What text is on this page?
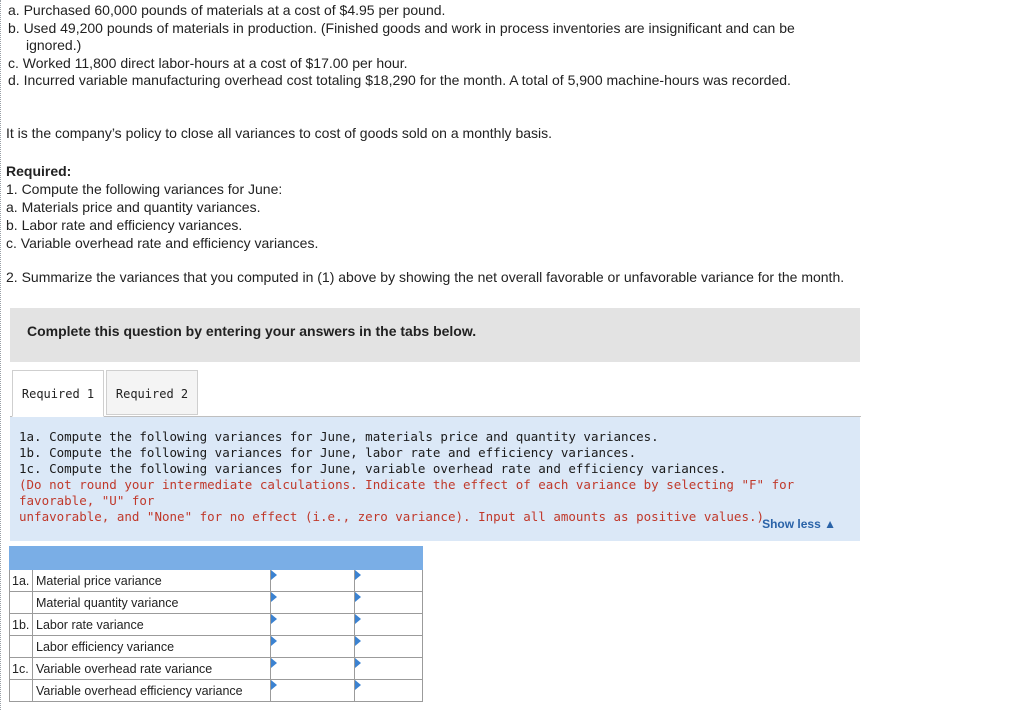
a. Purchased 60,000 pounds of materials at a cost of $4.95 per pound.
b. Used 49,200 pounds of materials in production. (Finished goods and work in process inventories are insignificant and can be
ignored.)
c. Worked 11,800 direct labor-hours at a cost of $17.00 per hour.
d. Incurred variable manufacturing overhead cost totaling $18,290 for the month. A total of 5,900 machine-hours was recorded.
It is the company’s policy to close all variances to cost of goods sold on a monthly basis.
Required:
1. Compute the following variances for June:
a. Materials price and quantity variances.
b. Labor rate and efficiency variances.
c. Variable overhead rate and efficiency variances.
2. Summarize the variances that you computed in (1) above by showing the net overall favorable or unfavorable variance for the month.
Complete this question by entering your answers in the tabs below.
Required 1	Required 2
1a. Compute the following variances for June, materials price and quantity variances.
1b. Compute the following variances for June, labor rate and efficiency variances.
1c. Compute the following variances for June, variable overhead rate and efficiency variances.
(Do not round your intermediate calculations. Indicate the effect of each variance by selecting "F" for favorable, "U" for
unfavorable, and "None" for no effect (i.e., zero variance). Input all amounts as positive values.)
Show less ▲

1a.	Material price variance	

	Material quantity variance	

1b.	Labor rate variance	

	Labor efficiency variance	

1c.	Variable overhead rate variance	

	Variable overhead efficiency variance	
